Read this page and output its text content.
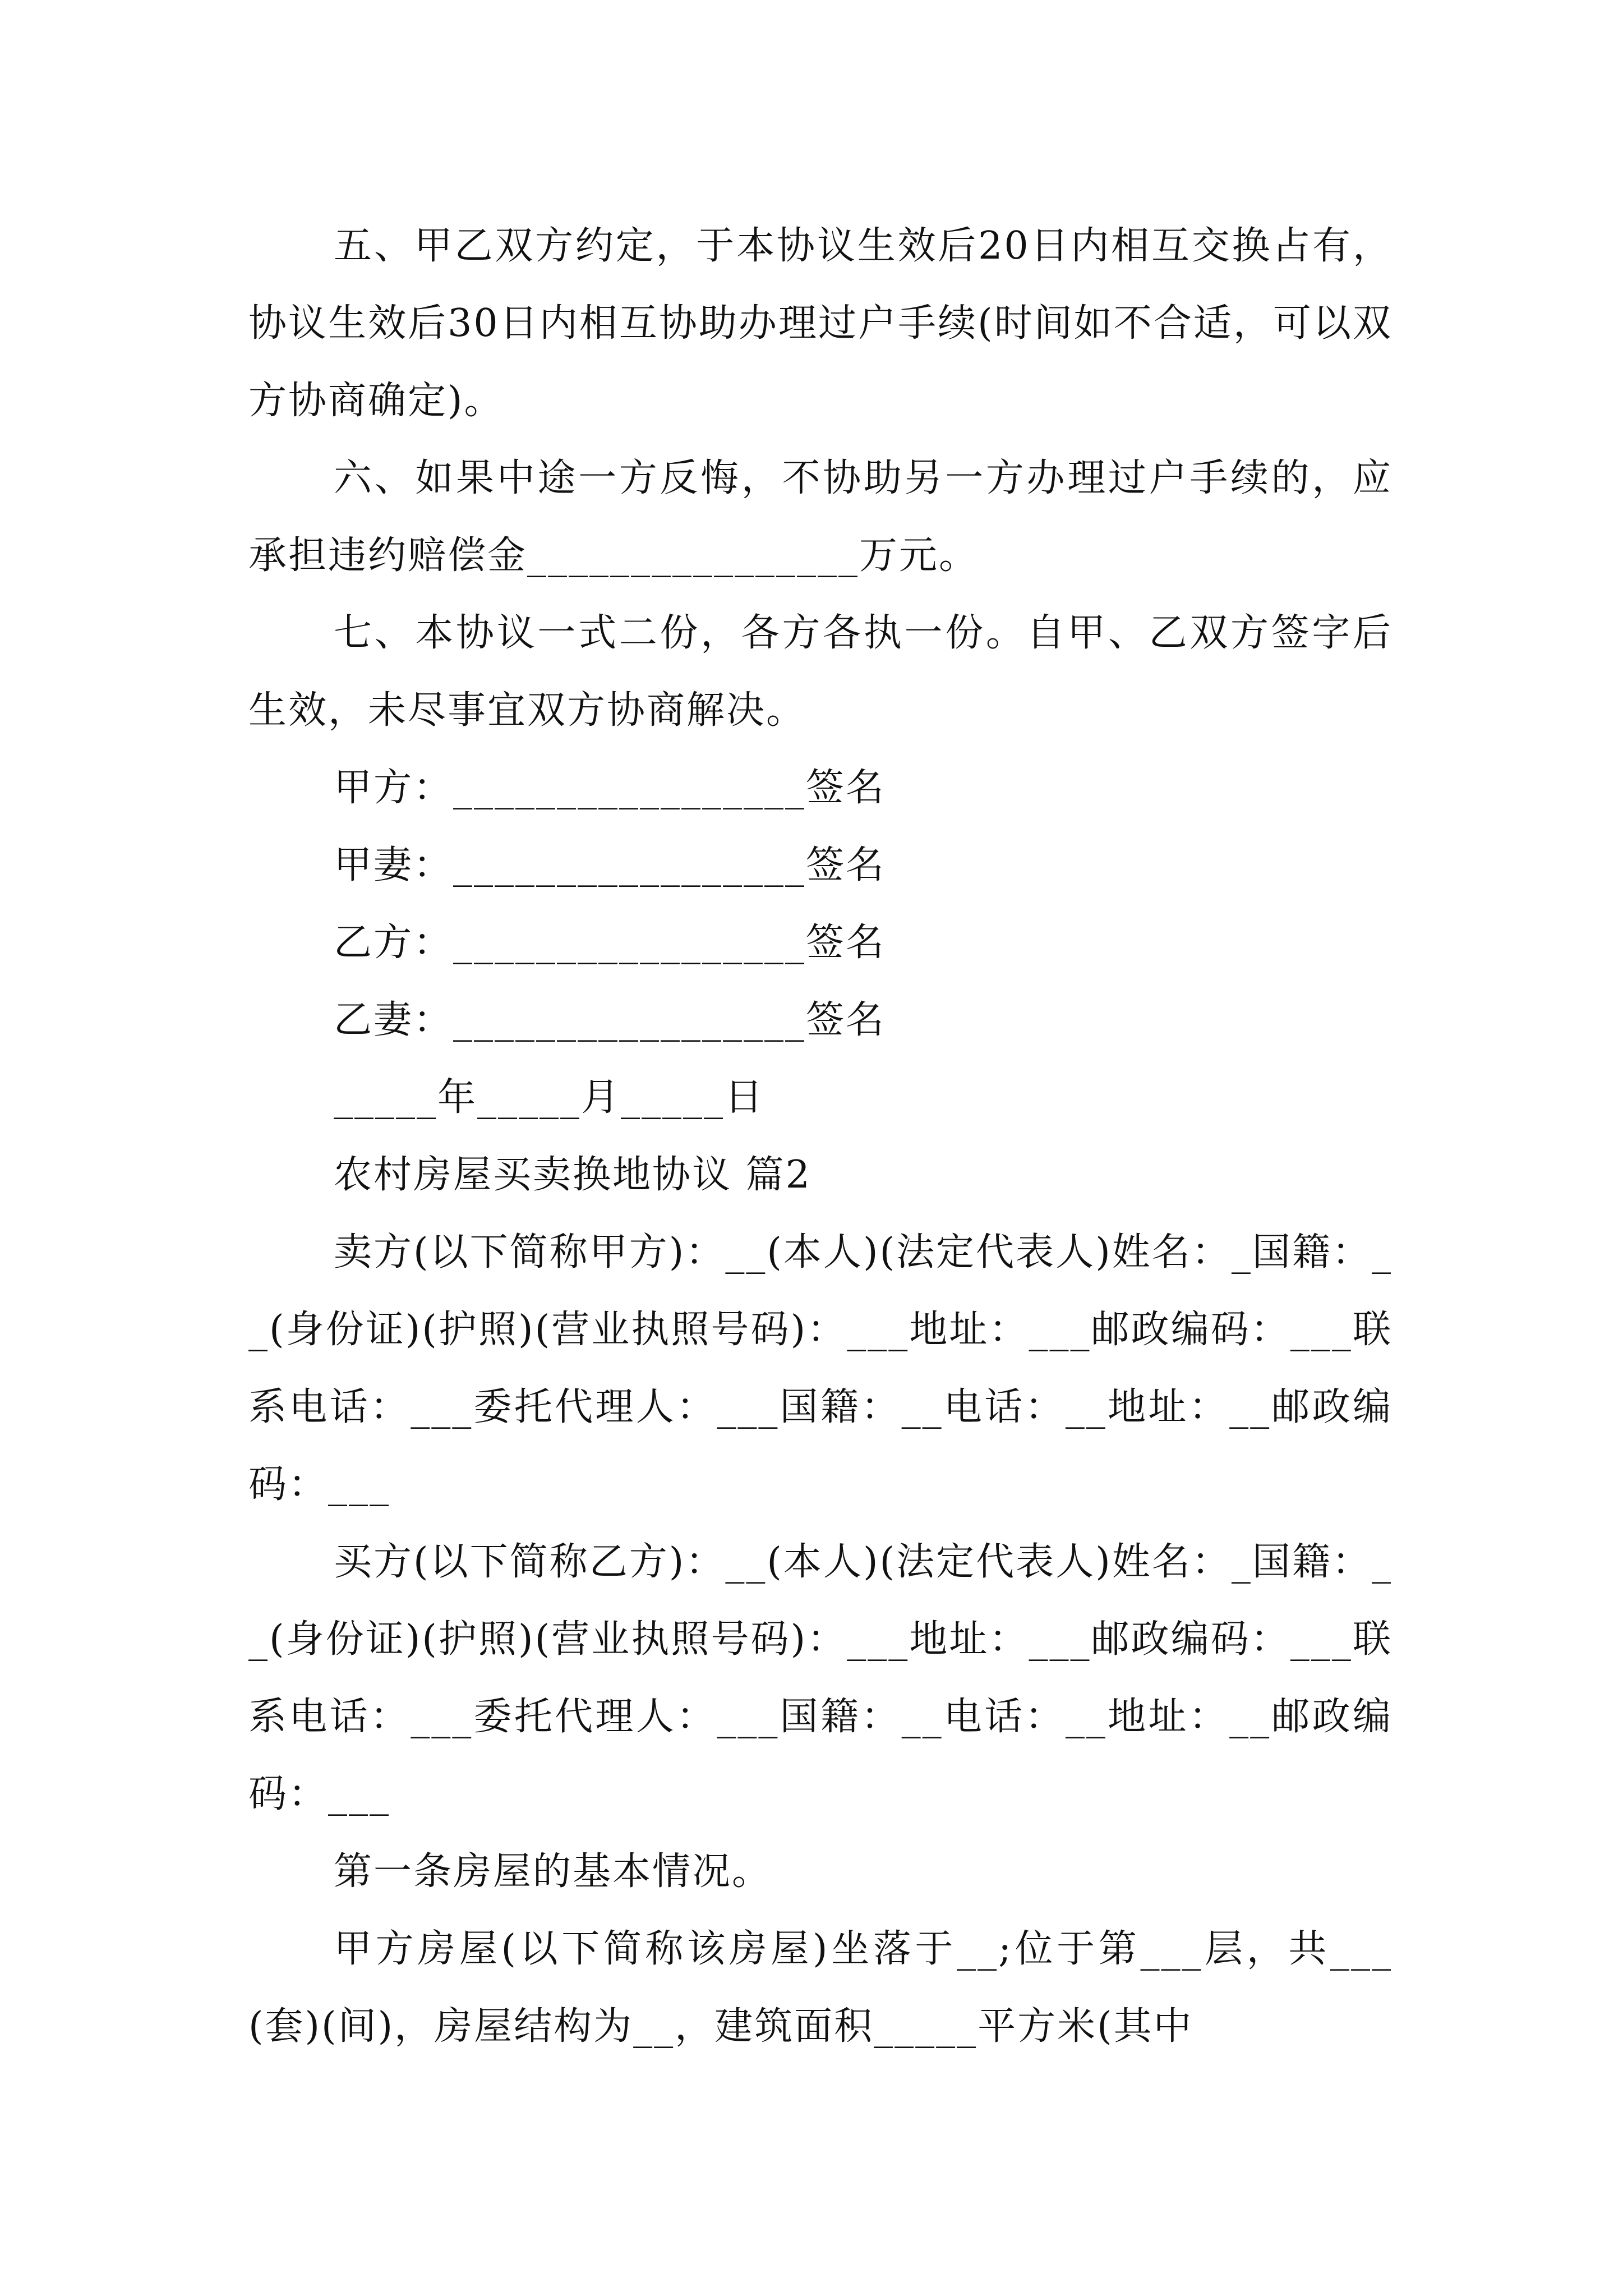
五、甲乙双方约定，于本协议生效后20日内相互交换占有，协议生效后30日内相互协助办理过户手续(时间如不合适，可以双方协商确定)。

六、如果中途一方反悔，不协助另一方办理过户手续的，应承担违约赔偿金________________万元。

七、本协议一式二份，各方各执一份。自甲、乙双方签字后生效，未尽事宜双方协商解决。

甲方：_________________签名

甲妻：_________________签名

乙方：_________________签名

乙妻：_________________签名

_____年_____月_____日

农村房屋买卖换地协议 篇2

卖方(以下简称甲方)：__(本人)(法定代表人)姓名：_国籍：__(身份证)(护照)(营业执照号码)：___地址：___邮政编码：___联系电话：___委托代理人：___国籍：__电话：__地址：__邮政编码：___

买方(以下简称乙方)：__(本人)(法定代表人)姓名：_国籍：__(身份证)(护照)(营业执照号码)：___地址：___邮政编码：___联系电话：___委托代理人：___国籍：__电话：__地址：__邮政编码：___

第一条房屋的基本情况。

甲方房屋(以下简称该房屋)坐落于__;位于第___层，共___(套)(间)，房屋结构为__，建筑面积_____平方米(其中
